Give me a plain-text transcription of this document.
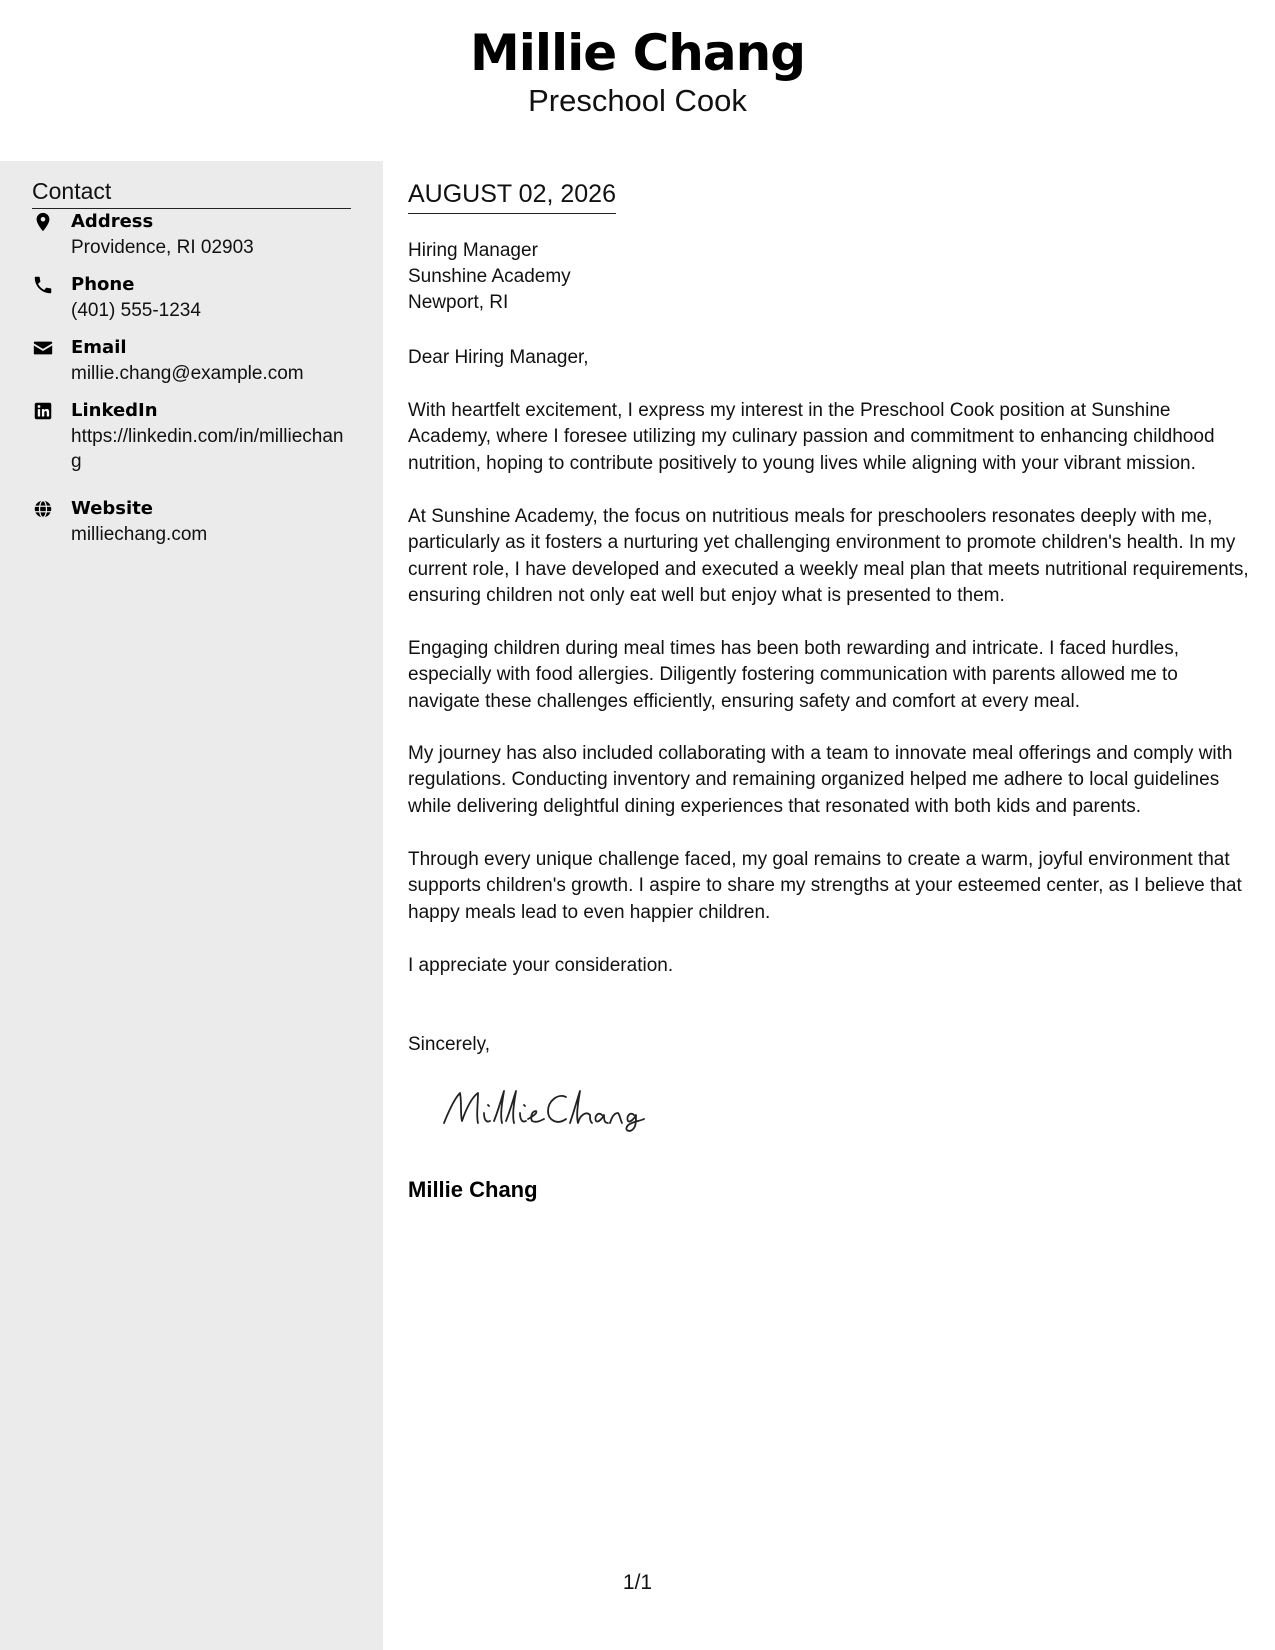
Millie Chang
Preschool Cook
Contact
Address
Providence, RI 02903
Phone
(401) 555-1234
Email
millie.chang@example.com
LinkedIn
https://linkedin.com/in/milliechang
Website
milliechang.com
AUGUST 02, 2026
Hiring Manager
Sunshine Academy
Newport, RI

Dear Hiring Manager,

With heartfelt excitement, I express my interest in the Preschool Cook position at Sunshine Academy, where I foresee utilizing my culinary passion and commitment to enhancing childhood nutrition, hoping to contribute positively to young lives while aligning with your vibrant mission.

At Sunshine Academy, the focus on nutritious meals for preschoolers resonates deeply with me, particularly as it fosters a nurturing yet challenging environment to promote children's health. In my current role, I have developed and executed a weekly meal plan that meets nutritional requirements, ensuring children not only eat well but enjoy what is presented to them.

Engaging children during meal times has been both rewarding and intricate. I faced hurdles, especially with food allergies. Diligently fostering communication with parents allowed me to navigate these challenges efficiently, ensuring safety and comfort at every meal.

My journey has also included collaborating with a team to innovate meal offerings and comply with regulations. Conducting inventory and remaining organized helped me adhere to local guidelines while delivering delightful dining experiences that resonated with both kids and parents.

Through every unique challenge faced, my goal remains to create a warm, joyful environment that supports children's growth. I aspire to share my strengths at your esteemed center, as I believe that happy meals lead to even happier children.

I appreciate your consideration.

Sincerely,

Millie Chang
1/1
